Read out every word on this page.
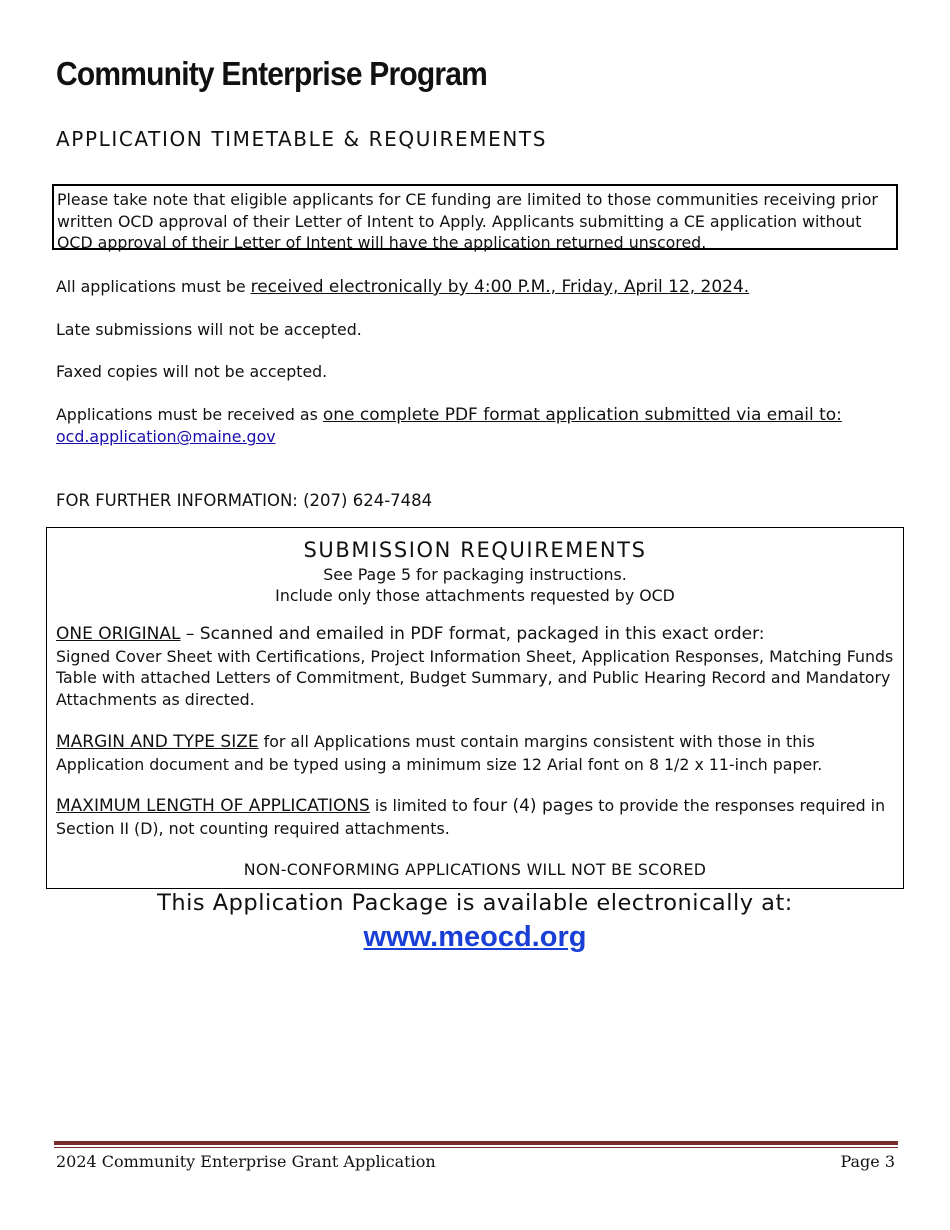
Community Enterprise Program
APPLICATION TIMETABLE & REQUIREMENTS
Please take note that eligible applicants for CE funding are limited to those communities receiving prior written OCD approval of their Letter of Intent to Apply. Applicants submitting a CE application without OCD approval of their Letter of Intent will have the application returned unscored.
All applications must be received electronically by 4:00 P.M., Friday, April 12, 2024.
Late submissions will not be accepted.
Faxed copies will not be accepted.
Applications must be received as one complete PDF format application submitted via email to:
ocd.application@maine.gov
FOR FURTHER INFORMATION: (207) 624-7484
SUBMISSION REQUIREMENTS
See Page 5 for packaging instructions.
Include only those attachments requested by OCD
ONE ORIGINAL – Scanned and emailed in PDF format, packaged in this exact order:
Signed Cover Sheet with Certifications, Project Information Sheet, Application Responses, Matching Funds Table with attached Letters of Commitment, Budget Summary, and Public Hearing Record and Mandatory Attachments as directed.
MARGIN AND TYPE SIZE for all Applications must contain margins consistent with those in this Application document and be typed using a minimum size 12 Arial font on 8 1/2 x 11-inch paper.
MAXIMUM LENGTH OF APPLICATIONS is limited to four (4) pages to provide the responses required in Section II (D), not counting required attachments.
NON-CONFORMING APPLICATIONS WILL NOT BE SCORED
This Application Package is available electronically at:
www.meocd.org
2024 Community Enterprise Grant Application	Page 3
